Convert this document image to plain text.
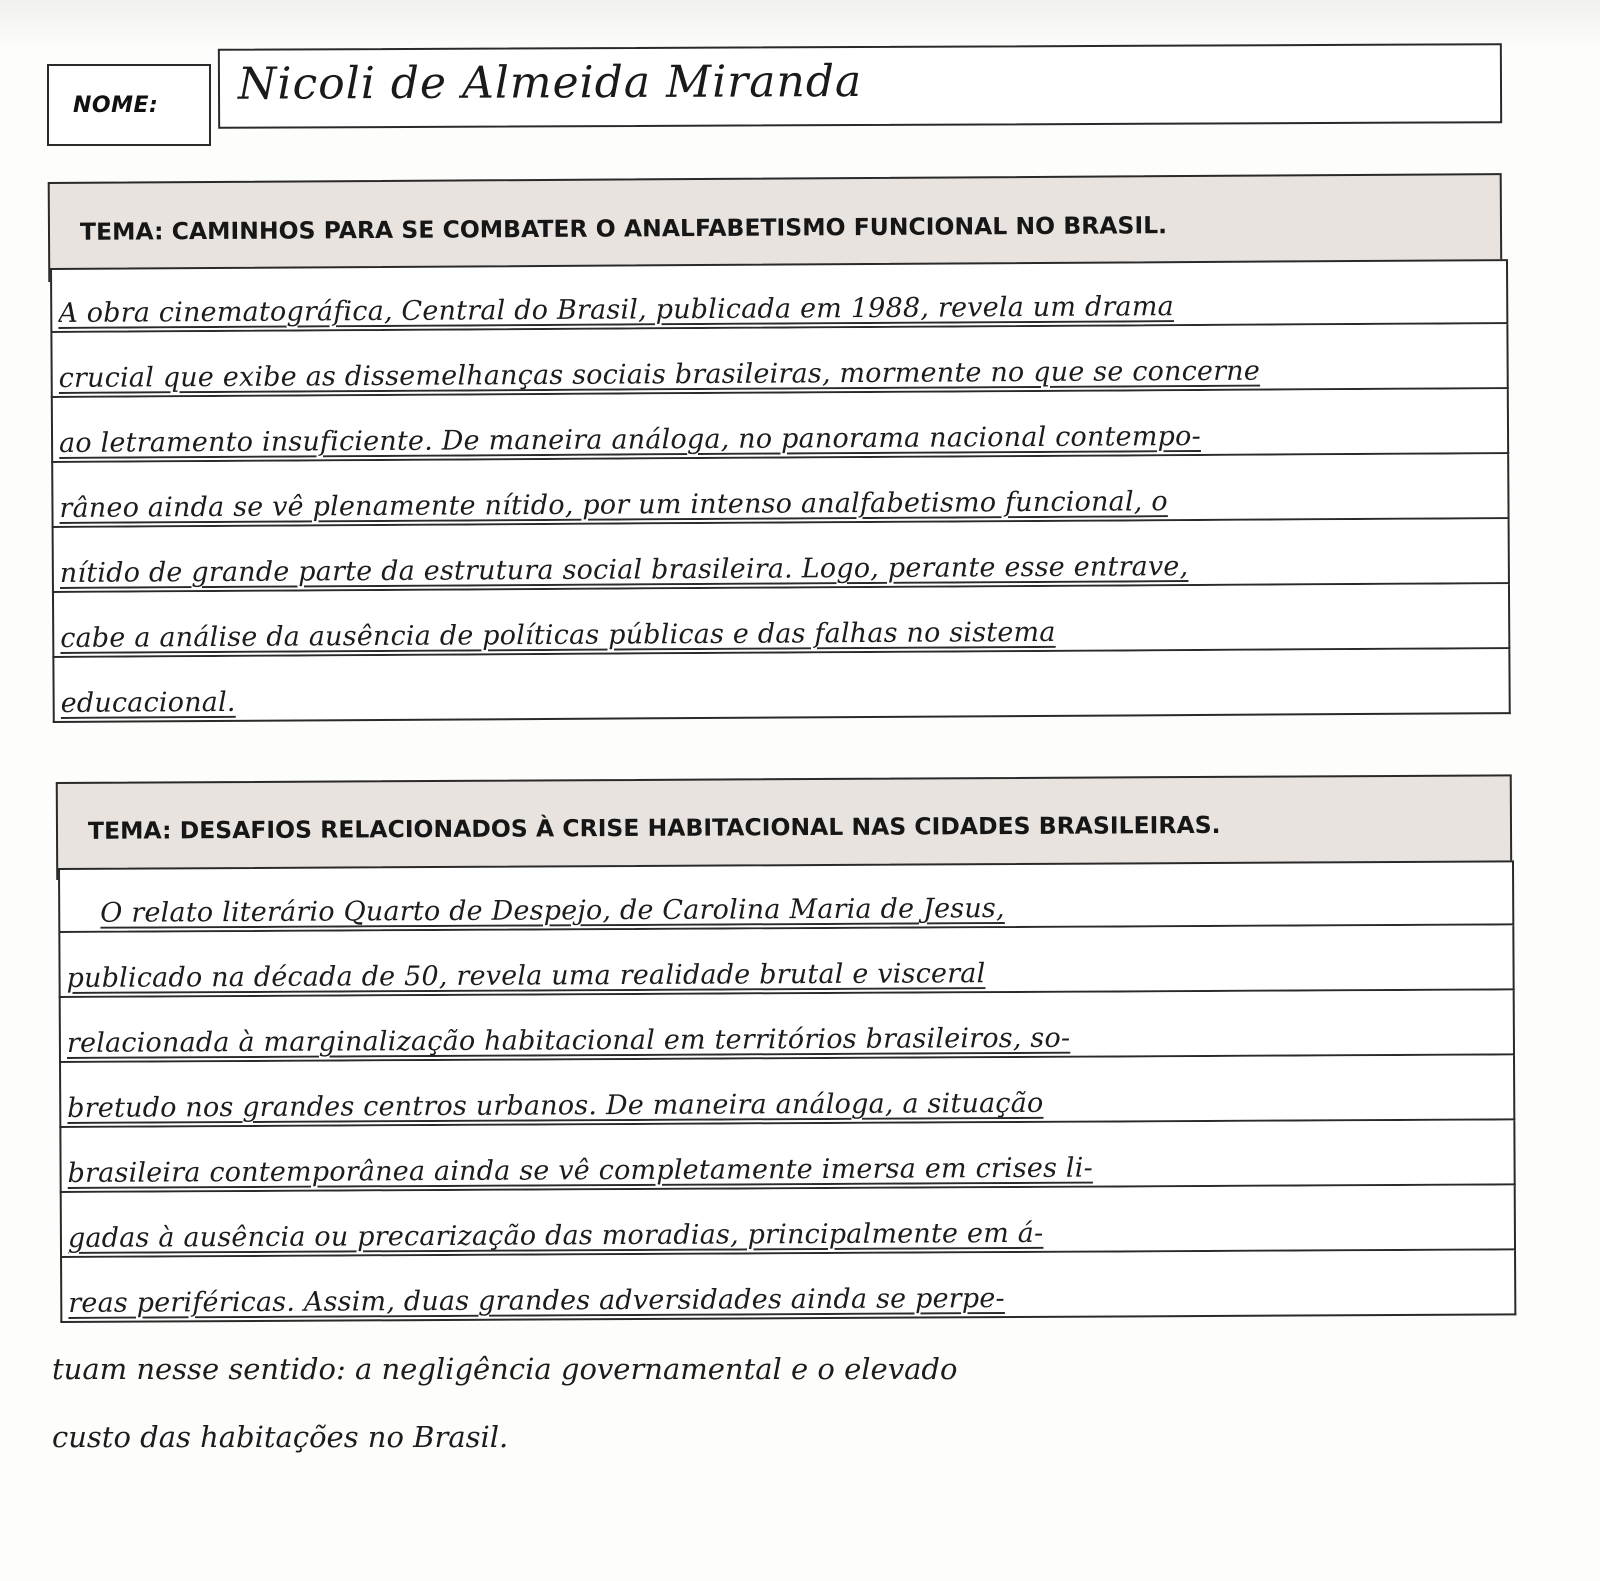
NOME: Nicoli de Almeida Miranda
TEMA: CAMINHOS PARA SE COMBATER O ANALFABETISMO FUNCIONAL NO BRASIL.
A obra cinematográfica, Central do Brasil, publicada em 1988, revela um drama
crucial que exibe as dissemelhanças sociais brasileiras, mormente no que se concerne
ao letramento insuficiente. De maneira análoga, no panorama nacional contempo-
râneo ainda se vê plenamente nítido, por um intenso analfabetismo funcional, o
nítido de grande parte da estrutura social brasileira. Logo, perante esse entrave,
cabe a análise da ausência de políticas públicas e das falhas no sistema
educacional.
TEMA: DESAFIOS RELACIONADOS À CRISE HABITACIONAL NAS CIDADES BRASILEIRAS.
O relato literário Quarto de Despejo, de Carolina Maria de Jesus,
publicado na década de 50, revela uma realidade brutal e visceral
relacionada à marginalização habitacional em territórios brasileiros, so-
bretudo nos grandes centros urbanos. De maneira análoga, a situação
brasileira contemporânea ainda se vê completamente imersa em crises li-
gadas à ausência ou precarização das moradias, principalmente em á-
reas periféricas. Assim, duas grandes adversidades ainda se perpe-
tuam nesse sentido: a negligência governamental e o elevado
custo das habitações no Brasil.
